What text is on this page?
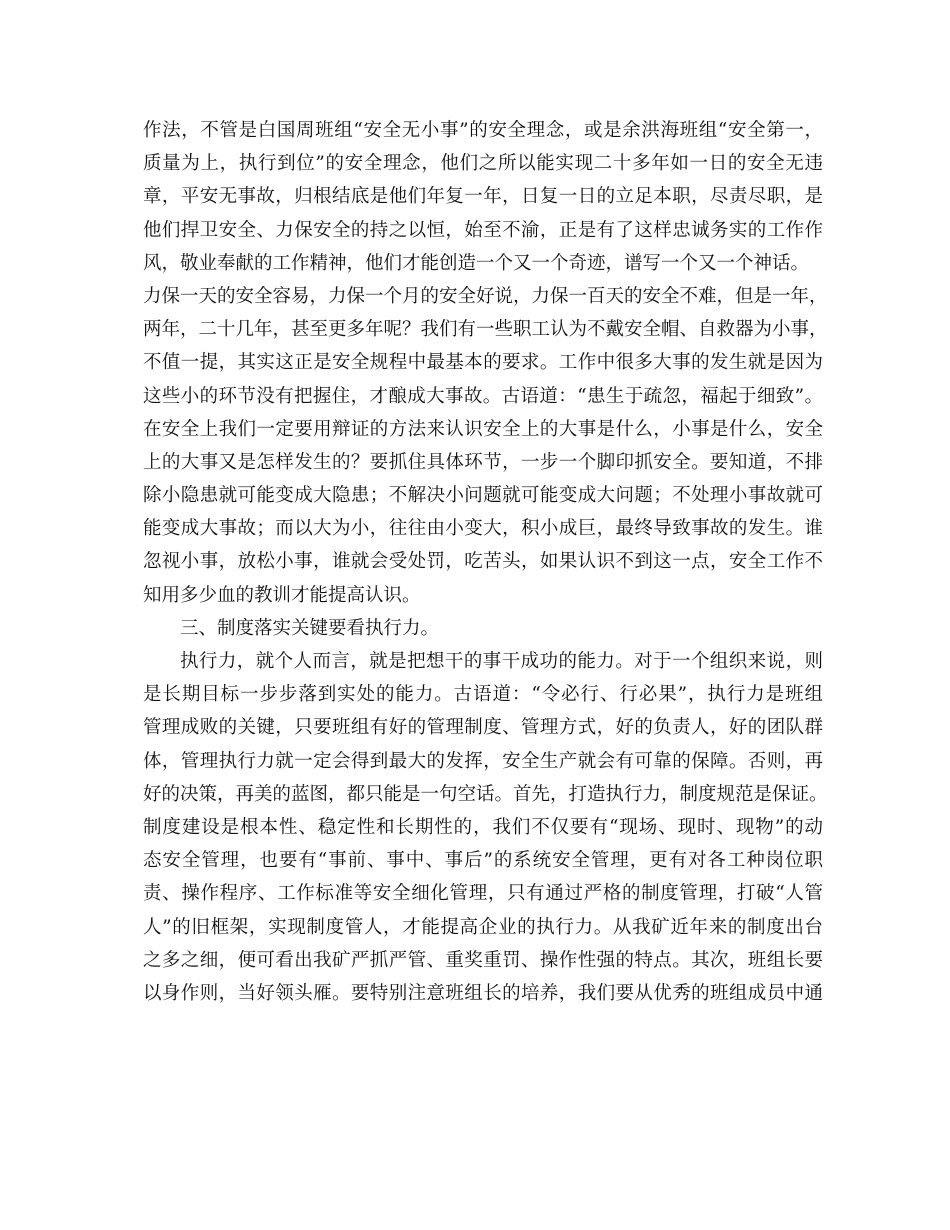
作法，不管是白国周班组“安全无小事”的安全理念，或是余洪海班组“安全第一，
质量为上，执行到位”的安全理念，他们之所以能实现二十多年如一日的安全无违
章，平安无事故，归根结底是他们年复一年，日复一日的立足本职，尽责尽职，是
他们捍卫安全、力保安全的持之以恒，始至不渝，正是有了这样忠诚务实的工作作
风，敬业奉献的工作精神，他们才能创造一个又一个奇迹，谱写一个又一个神话。
力保一天的安全容易，力保一个月的安全好说，力保一百天的安全不难，但是一年，
两年，二十几年，甚至更多年呢？我们有一些职工认为不戴安全帽、自救器为小事，
不值一提，其实这正是安全规程中最基本的要求。工作中很多大事的发生就是因为
这些小的环节没有把握住，才酿成大事故。古语道：“患生于疏忽，福起于细致”。
在安全上我们一定要用辩证的方法来认识安全上的大事是什么，小事是什么，安全
上的大事又是怎样发生的？要抓住具体环节，一步一个脚印抓安全。要知道，不排
除小隐患就可能变成大隐患；不解决小问题就可能变成大问题；不处理小事故就可
能变成大事故；而以大为小，往往由小变大，积小成巨，最终导致事故的发生。谁
忽视小事，放松小事，谁就会受处罚，吃苦头，如果认识不到这一点，安全工作不
知用多少血的教训才能提高认识。
三、制度落实关键要看执行力。
执行力，就个人而言，就是把想干的事干成功的能力。对于一个组织来说，则
是长期目标一步步落到实处的能力。古语道：“令必行、行必果”，执行力是班组
管理成败的关键，只要班组有好的管理制度、管理方式，好的负责人，好的团队群
体，管理执行力就一定会得到最大的发挥，安全生产就会有可靠的保障。否则，再
好的决策，再美的蓝图，都只能是一句空话。首先，打造执行力，制度规范是保证。
制度建设是根本性、稳定性和长期性的，我们不仅要有“现场、现时、现物”的动
态安全管理，也要有“事前、事中、事后”的系统安全管理，更有对各工种岗位职
责、操作程序、工作标准等安全细化管理，只有通过严格的制度管理，打破“人管
人”的旧框架，实现制度管人，才能提高企业的执行力。从我矿近年来的制度出台
之多之细，便可看出我矿严抓严管、重奖重罚、操作性强的特点。其次，班组长要
以身作则，当好领头雁。要特别注意班组长的培养，我们要从优秀的班组成员中通
